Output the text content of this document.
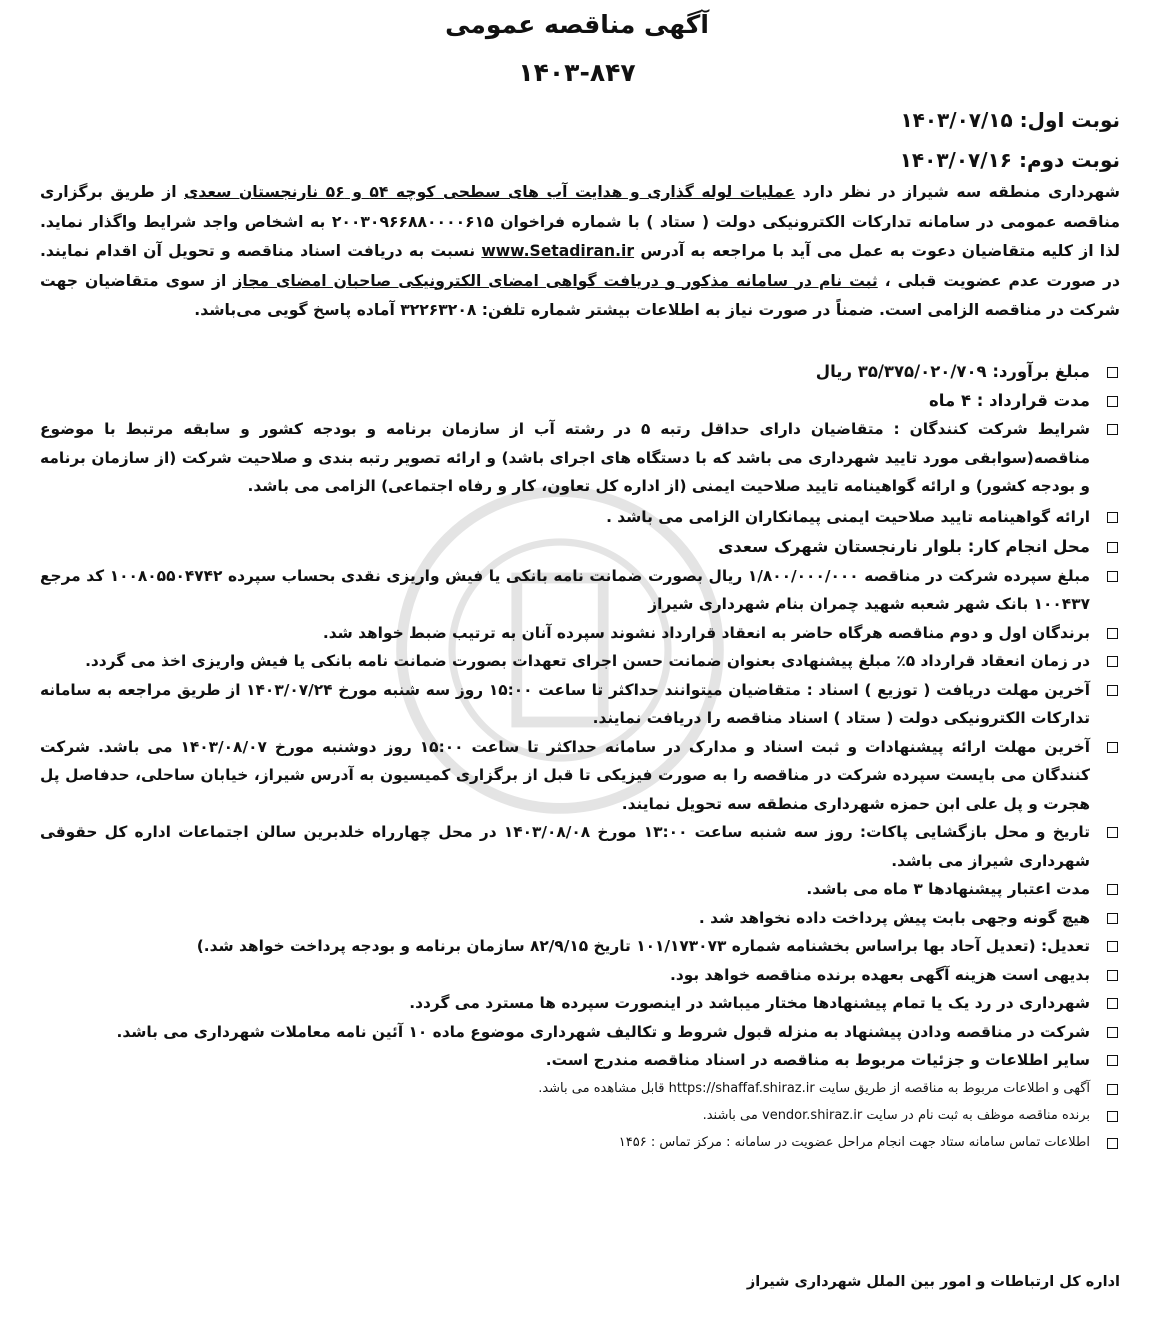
آگهی مناقصه عمومی
۱۴۰۳-۸۴۷
نوبت اول: ۱۴۰۳/۰۷/۱۵
نوبت دوم: ۱۴۰۳/۰۷/۱۶

شهرداری منطقه سه شیراز در نظر دارد عملیات لوله گذاری و هدایت آب های سطحی کوچه ۵۴ و ۵۶ نارنجستان سعدی از طریق برگزاری مناقصه عمومی در سامانه تدارکات الکترونیکی دولت ( ستاد ) با شماره فراخوان ۲۰۰۳۰۹۶۶۸۸۰۰۰۰۶۱۵ به اشخاص واجد شرایط واگذار نماید. لذا از کلیه متقاضیان دعوت به عمل می آید با مراجعه به آدرس www.Setadiran.ir نسبت به دریافت اسناد مناقصه و تحویل آن اقدام نمایند. در صورت عدم عضویت قبلی ، ثبت نام در سامانه مذکور و دریافت گواهی امضای الکترونیکی صاحبان امضای مجاز از سوی متقاضیان جهت شرکت در مناقصه الزامی است. ضمناً در صورت نیاز به اطلاعات بیشتر شماره تلفن: ۳۲۲۶۳۲۰۸ آماده پاسخ گویی می‌باشد.

مبلغ برآورد: ۳۵/۳۷۵/۰۲۰/۷۰۹ ریال
مدت قرارداد : ۴ ماه
شرایط شرکت کنندگان : متقاضیان دارای حداقل رتبه ۵ در رشته آب از سازمان برنامه و بودجه کشور و سابقه مرتبط با موضوع مناقصه(سوابقی مورد تایید شهرداری می باشد که با دستگاه های اجرای باشد) و ارائه تصویر رتبه بندی و صلاحیت شرکت (از سازمان برنامه و بودجه کشور) و ارائه گواهینامه تایید صلاحیت ایمنی (از اداره کل تعاون، کار و رفاه اجتماعی) الزامی می باشد.
ارائه گواهینامه تایید صلاحیت ایمنی پیمانکاران الزامی می باشد .
محل انجام کار: بلوار نارنجستان شهرک سعدی
مبلغ سپرده شرکت در مناقصه ۱/۸۰۰/۰۰۰/۰۰۰ ریال بصورت ضمانت نامه بانکی یا فیش واریزی نقدی بحساب سپرده ۱۰۰۸۰۵۵۰۴۷۴۲ کد مرجع ۱۰۰۴۳۷ بانک شهر شعبه شهید چمران بنام شهرداری شیراز
برندگان اول و دوم مناقصه هرگاه حاضر به انعقاد قرارداد نشوند سپرده آنان به ترتیب ضبط خواهد شد.
در زمان انعقاد قرارداد ۵٪ مبلغ پیشنهادی بعنوان ضمانت حسن اجرای تعهدات بصورت ضمانت نامه بانکی یا فیش واریزی اخذ می گردد.
آخرین مهلت دریافت ( توزیع ) اسناد : متقاضیان میتوانند حداکثر تا ساعت ۱۵:۰۰ روز سه شنبه مورخ ۱۴۰۳/۰۷/۲۴ از طریق مراجعه به سامانه تدارکات الکترونیکی دولت ( ستاد ) اسناد مناقصه را دریافت نمایند.
آخرین مهلت ارائه پیشنهادات و ثبت اسناد و مدارک در سامانه حداکثر تا ساعت ۱۵:۰۰ روز دوشنبه مورخ ۱۴۰۳/۰۸/۰۷ می باشد. شرکت کنندگان می بایست سپرده شرکت در مناقصه را به صورت فیزیکی تا قبل از برگزاری کمیسیون به آدرس شیراز، خیابان ساحلی، حدفاصل پل هجرت و پل علی ابن حمزه شهرداری منطقه سه تحویل نمایند.
تاریخ و محل بازگشایی پاکات: روز سه شنبه ساعت ۱۳:۰۰ مورخ ۱۴۰۳/۰۸/۰۸ در محل چهارراه خلدبرین سالن اجتماعات اداره کل حقوقی شهرداری شیراز می باشد.
مدت اعتبار پیشنهادها ۳ ماه می باشد.
هیچ گونه وجهی بابت پیش پرداخت داده نخواهد شد .
تعدیل: (تعدیل آحاد بها براساس بخشنامه شماره ۱۰۱/۱۷۳۰۷۳ تاریخ ۸۲/۹/۱۵ سازمان برنامه و بودجه پرداخت خواهد شد.)
بدیهی است هزینه آگهی بعهده برنده مناقصه خواهد بود.
شهرداری در رد یک یا تمام پیشنهادها مختار میباشد در اینصورت سپرده ها مسترد می گردد.
شرکت در مناقصه ودادن پیشنهاد به منزله قبول شروط و تکالیف شهرداری موضوع ماده ۱۰ آئین نامه معاملات شهرداری می باشد.
سایر اطلاعات و جزئیات مربوط به مناقصه در اسناد مناقصه مندرج است.
آگهی و اطلاعات مربوط به مناقصه از طریق سایت https://shaffaf.shiraz.ir قابل مشاهده می باشد.
برنده مناقصه موظف به ثبت نام در سایت vendor.shiraz.ir می باشند.
اطلاعات تماس سامانه ستاد جهت انجام مراحل عضویت در سامانه : مرکز تماس : ۱۴۵۶
اداره کل ارتباطات و امور بین الملل شهرداری شیراز
